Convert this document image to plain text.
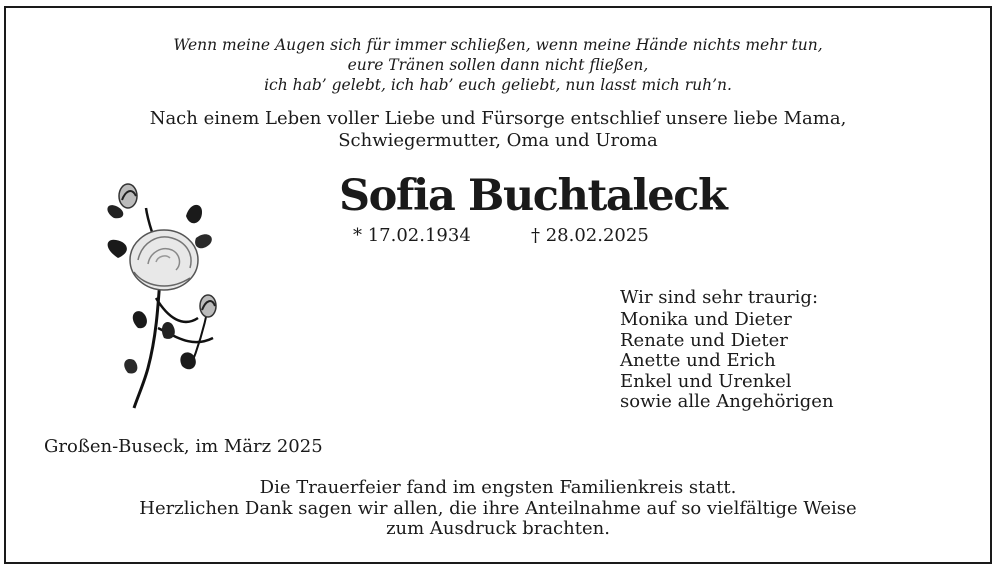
Wenn meine Augen sich für immer schließen, wenn meine Hände nichts mehr tun,
eure Tränen sollen dann nicht fließen,
ich hab’ gelebt, ich hab’ euch geliebt, nun lasst mich ruh’n.
Nach einem Leben voller Liebe und Fürsorge entschlief unsere liebe Mama,
Schwiegermutter, Oma und Uroma
Sofia Buchtaleck
* 17.02.1934	† 28.02.2025
Wir sind sehr traurig:
Monika und Dieter
Renate und Dieter
Anette und Erich
Enkel und Urenkel
sowie alle Angehörigen
Großen-Buseck, im März 2025
Die Trauerfeier fand im engsten Familienkreis statt.
Herzlichen Dank sagen wir allen, die ihre Anteilnahme auf so vielfältige Weise
zum Ausdruck brachten.
